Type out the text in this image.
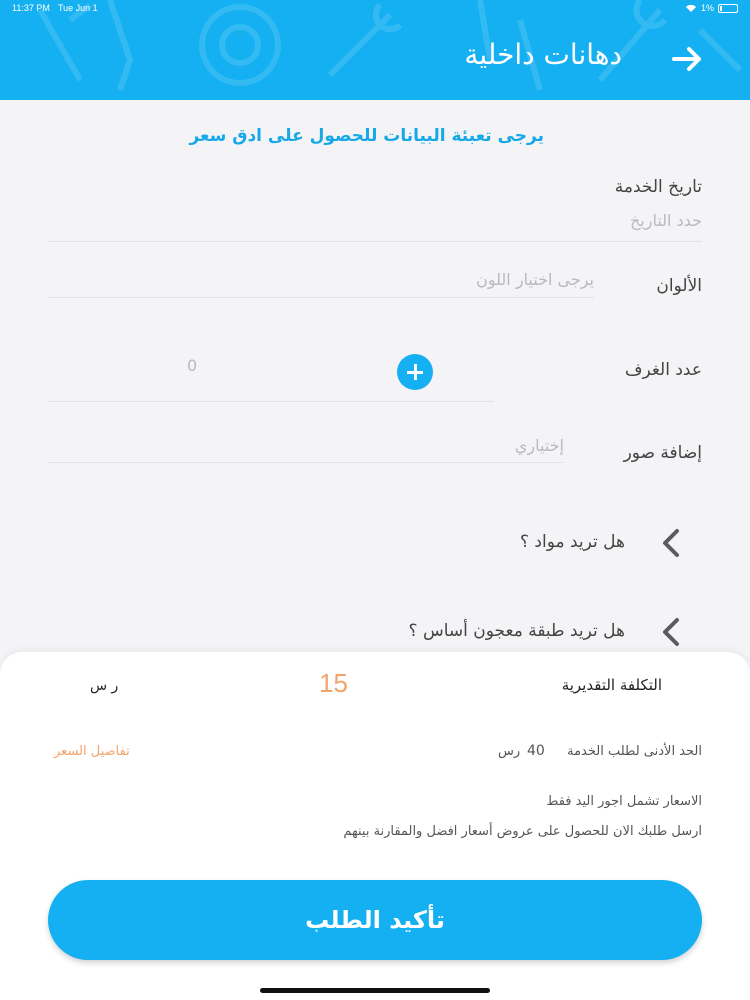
11:37 PM Tue Jun 1	1%
دهانات داخلية
يرجى تعبئة البيانات للحصول على ادق سعر
تاريخ الخدمة
حدد التاريخ
الألوان
يرجى اختيار اللون
عدد الغرف
0
إضافة صور
إختياري
هل تريد مواد ؟
هل تريد طبقة معجون أساس ؟
التكلفة التقديرية
15
ر س
الحد الأدنى لطلب الخدمة
40
رس
تفاصيل السعر
الاسعار تشمل اجور اليد فقط
ارسل طلبك الان للحصول على عروض أسعار افضل والمقارنة بينهم
تأكيد الطلب
